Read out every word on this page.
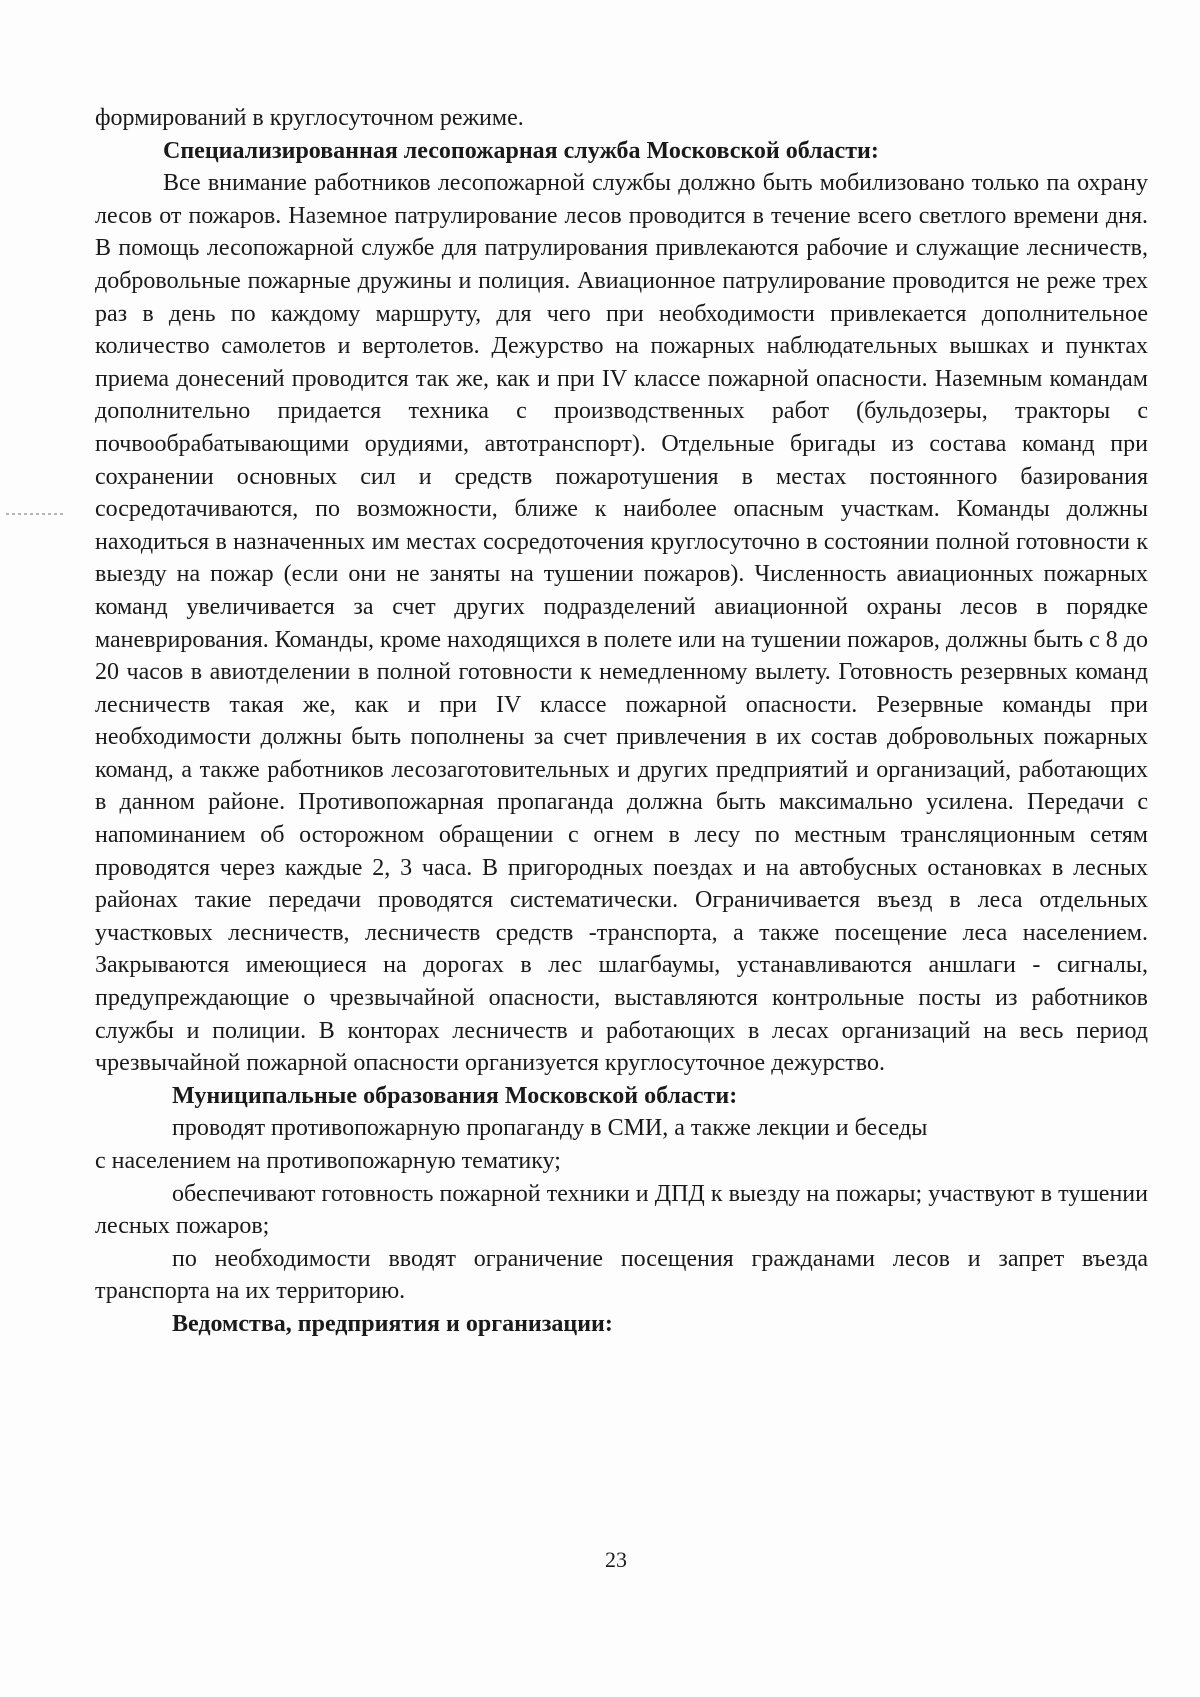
формирований в круглосуточном режиме.

Специализированная лесопожарная служба Московской области:

Все внимание работников лесопожарной службы должно быть мобилизовано только па охрану лесов от пожаров. Наземное патрулирование лесов проводится в течение всего светлого времени дня. В помощь лесопожарной службе для патрулирования привлекаются рабочие и служащие лесничеств, добровольные пожарные дружины и полиция. Авиационное патрулирование проводится не реже трех раз в день по каждому маршруту, для чего при необходимости привлекается дополнительное количество самолетов и вертолетов. Дежурство на пожарных наблюдательных вышках и пунктах приема донесений проводится так же, как и при IV классе пожарной опасности. Наземным командам дополнительно придается техника с производственных работ (бульдозеры, тракторы с почвообрабатывающими орудиями, автотранспорт). Отдельные бригады из состава команд при сохранении основных сил и средств пожаротушения в местах постоянного базирования сосредотачиваются, по возможности, ближе к наиболее опасным участкам. Команды должны находиться в назначенных им местах сосредоточения круглосуточно в состоянии полной готовности к выезду на пожар (если они не заняты на тушении пожаров). Численность авиационных пожарных команд увеличивается за счет других подразделений авиационной охраны лесов в порядке маневрирования. Команды, кроме находящихся в полете или на тушении пожаров, должны быть с 8 до 20 часов в авиотделении в полной готовности к немедленному вылету. Готовность резервных команд лесничеств такая же, как и при IV классе пожарной опасности. Резервные команды при необходимости должны быть пополнены за счет привлечения в их состав добровольных пожарных команд, а также работников лесозаготовительных и других предприятий и организаций, работающих в данном районе. Противопожарная пропаганда должна быть максимально усилена. Передачи с напоминанием об осторожном обращении с огнем в лесу по местным трансляционным сетям проводятся через каждые 2, 3 часа. В пригородных поездах и на автобусных остановках в лесных районах такие передачи проводятся систематически. Ограничивается въезд в леса отдельных участковых лесничеств, лесничеств средств -транспорта, а также посещение леса населением. Закрываются имеющиеся на дорогах в лес шлагбаумы, устанавливаются аншлаги - сигналы, предупреждающие о чрезвычайной опасности, выставляются контрольные посты из работников службы и полиции. В конторах лесничеств и работающих в лесах организаций на весь период чрезвычайной пожарной опасности организуется круглосуточное дежурство.

Муниципальные образования Московской области:

проводят противопожарную пропаганду в СМИ, а также лекции и беседы

с населением на противопожарную тематику;

обеспечивают готовность пожарной техники и ДПД к выезду на пожары; участвуют в тушении лесных пожаров;

по необходимости вводят ограничение посещения гражданами лесов и запрет въезда транспорта на их территорию.

Ведомства, предприятия и организации:

23
